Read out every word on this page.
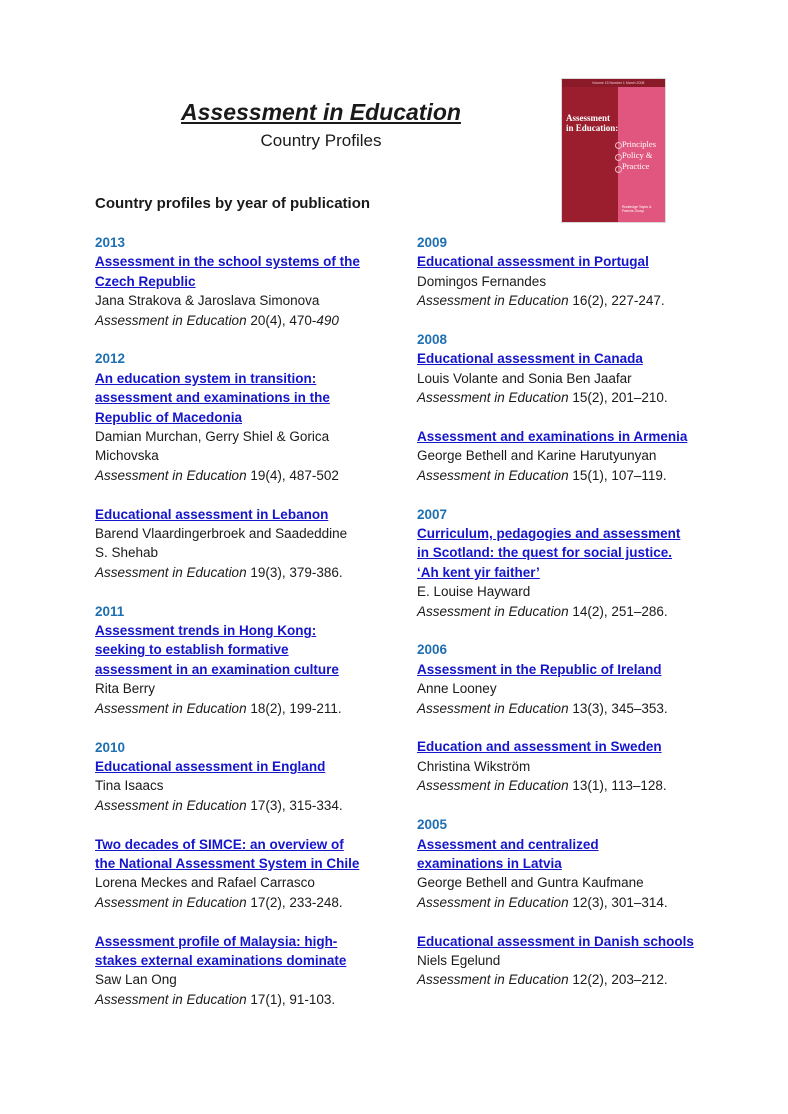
Assessment in Education
Country Profiles
Volume 15 Number 1 March 2008
Assessment
in Education:
Principles
Policy &
Practice
Routledge Taylor & Francis Group
Country profiles by year of publication
2013
Assessment in the school systems of the
Czech Republic
Jana Strakova & Jaroslava Simonova
Assessment in Education 20(4), 470-490
2012
An education system in transition:
assessment and examinations in the
Republic of Macedonia
Damian Murchan, Gerry Shiel & Gorica
Michovska
Assessment in Education 19(4), 487-502
Educational assessment in Lebanon
Barend Vlaardingerbroek and Saadeddine
S. Shehab
Assessment in Education 19(3), 379-386.
2011
Assessment trends in Hong Kong:
seeking to establish formative
assessment in an examination culture
Rita Berry
Assessment in Education 18(2), 199-211.
2010
Educational assessment in England
Tina Isaacs
Assessment in Education 17(3), 315-334.
Two decades of SIMCE: an overview of
the National Assessment System in Chile
Lorena Meckes and Rafael Carrasco
Assessment in Education 17(2), 233-248.
Assessment profile of Malaysia: high-
stakes external examinations dominate
Saw Lan Ong
Assessment in Education 17(1), 91-103.
2009
Educational assessment in Portugal
Domingos Fernandes
Assessment in Education 16(2), 227-247.
2008
Educational assessment in Canada
Louis Volante and Sonia Ben Jaafar
Assessment in Education 15(2), 201–210.
Assessment and examinations in Armenia
George Bethell and Karine Harutyunyan
Assessment in Education 15(1), 107–119.
2007
Curriculum, pedagogies and assessment
in Scotland: the quest for social justice.
‘Ah kent yir faither’
E. Louise Hayward
Assessment in Education 14(2), 251–286.
2006
Assessment in the Republic of Ireland
Anne Looney
Assessment in Education 13(3), 345–353.
Education and assessment in Sweden
Christina Wikström
Assessment in Education 13(1), 113–128.
2005
Assessment and centralized
examinations in Latvia
George Bethell and Guntra Kaufmane
Assessment in Education 12(3), 301–314.
Educational assessment in Danish schools
Niels Egelund
Assessment in Education 12(2), 203–212.
